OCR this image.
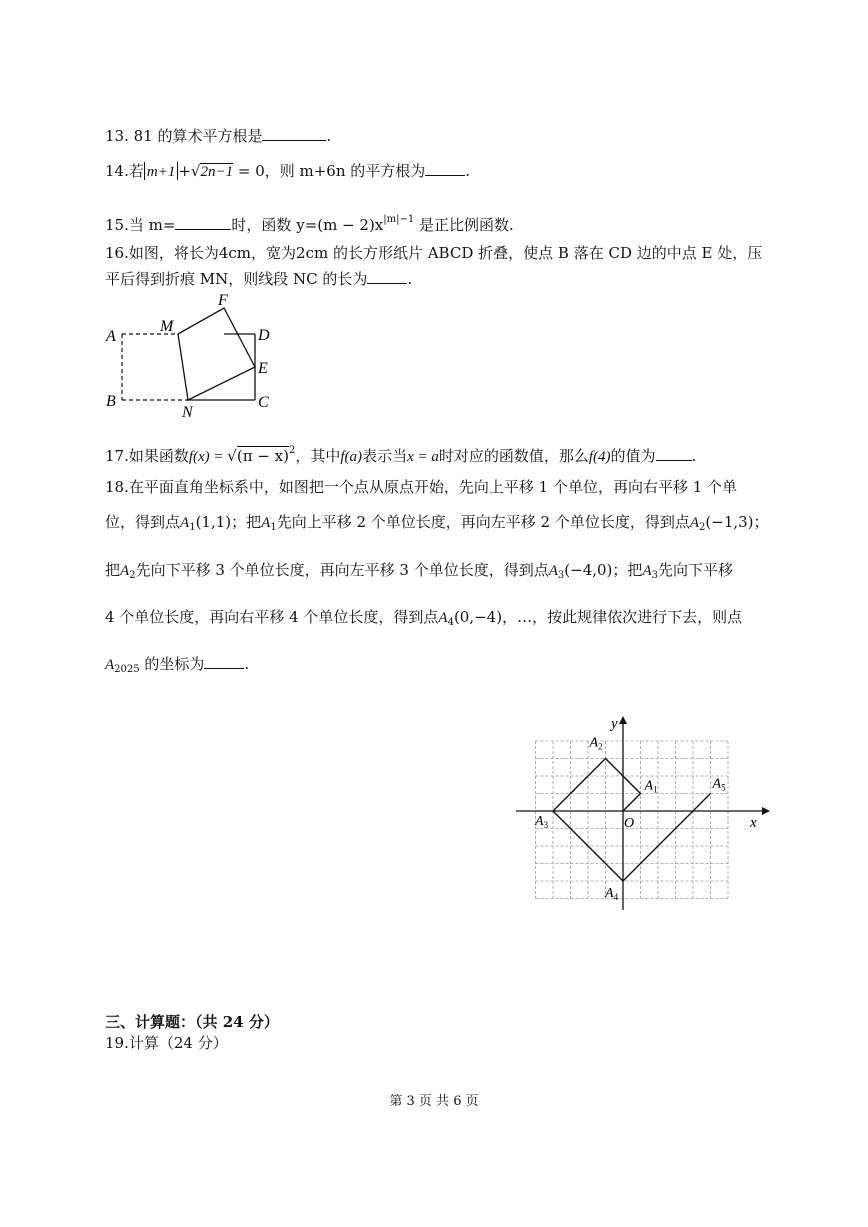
13. 81 的算术平方根是	.
14.若 m+1 +√2n−1 = 0，则 m+6n 的平方根为	.
15.当 m=	时，函数 $y=(m - 2)x^{|m|-1}$ 是正比例函数.
16.如图，将长为4cm，宽为2cm 的长方形纸片 ABCD 折叠，使点 B 落在 CD 边的中点 E 处，压
平后得到折痕 MN，则线段 NC 的长为	.
A
B	C
D
E
F
M
N
17.如果函数$f(x) = √(\pi - x)^2$，其中f(a)表示当x = a时对应的函数值，那么f(4)的值为 .
18.在平面直角坐标系中，如图把一个点从原点开始，先向上平移 1 个单位，再向右平移 1 个单
位，得到点$A_1(1,1)$；把$A_1$先向上平移 2 个单位长度，再向左平移 2 个单位长度，得到点$A_2(-1,3)$；
把$A_2$先向下平移 3 个单位长度，再向左平移 3 个单位长度，得到点$A_3(-4,0)$；把$A_3$先向下平移
4 个单位长度，再向右平移 4 个单位长度，得到点$A_4(0,-4)$，…，按此规律依次进行下去，则点
$A_{2025}$ 的坐标为	.
x
y
O
$A_1$
$A_2$
$A_3$
$A_4$
$A_5$
三、计算题：（共 24 分）
19.计算（24 分）
第 3 页 共 6 页
